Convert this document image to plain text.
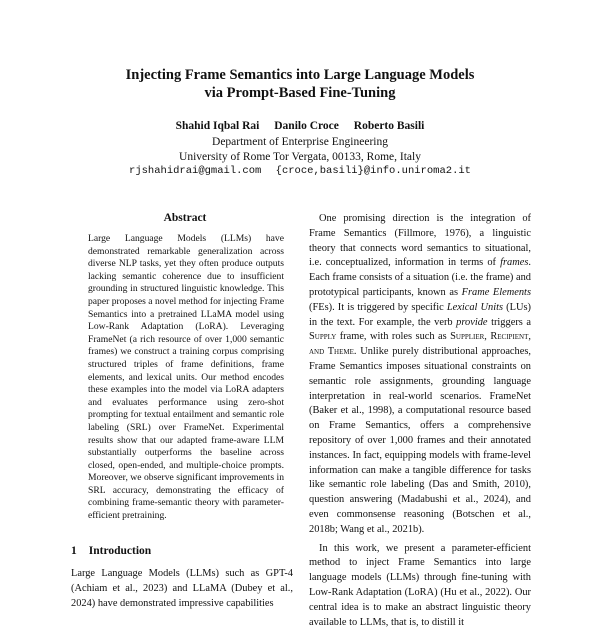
Injecting Frame Semantics into Large Language Models
via Prompt-Based Fine-Tuning
Shahid Iqbal Rai Danilo Croce Roberto Basili
Department of Enterprise Engineering
University of Rome Tor Vergata, 00133, Rome, Italy
rjshahidrai@gmail.com {croce,basili}@info.uniroma2.it
Abstract
Large Language Models (LLMs) have demonstrated remarkable generalization across diverse NLP tasks, yet they often produce outputs lacking semantic coherence due to insufficient grounding in structured linguistic knowledge. This paper proposes a novel method for injecting Frame Semantics into a pretrained LLaMA model using Low-Rank Adaptation (LoRA). Leveraging FrameNet (a rich resource of over 1,000 semantic frames) we construct a training corpus comprising structured triples of frame definitions, frame elements, and lexical units. Our method encodes these examples into the model via LoRA adapters and evaluates performance using zero-shot prompting for textual entailment and semantic role labeling (SRL) over FrameNet. Experimental results show that our adapted frame-aware LLM substantially outperforms the baseline across closed, open-ended, and multiple-choice prompts. Moreover, we observe significant improvements in SRL accuracy, demonstrating the efficacy of combining frame-semantic theory with parameter-efficient pretraining.
1 Introduction
Large Language Models (LLMs) such as GPT-4 (Achiam et al., 2023) and LLaMA (Dubey et al., 2024) have demonstrated impressive capabilities

One promising direction is the integration of Frame Semantics (Fillmore, 1976), a linguistic theory that connects word semantics to situational, i.e. conceptualized, information in terms of frames. Each frame consists of a situation (i.e. the frame) and prototypical participants, known as Frame Elements (FEs). It is triggered by specific Lexical Units (LUs) in the text. For example, the verb provide triggers a Supply frame, with roles such as Supplier, Recipient, and Theme. Unlike purely distributional approaches, Frame Semantics imposes situational constraints on semantic role assignments, grounding language interpretation in real-world scenarios. FrameNet (Baker et al., 1998), a computational resource based on Frame Semantics, offers a comprehensive repository of over 1,000 frames and their annotated instances. In fact, equipping models with frame-level information can make a tangible difference for tasks like semantic role labeling (Das and Smith, 2010), question answering (Madabushi et al., 2024), and even commonsense reasoning (Botschen et al., 2018b; Wang et al., 2021b).

In this work, we present a parameter-efficient method to inject Frame Semantics into large language models (LLMs) through fine-tuning with Low-Rank Adaptation (LoRA) (Hu et al., 2022). Our central idea is to make an abstract linguistic theory available to LLMs, that is, to distill it
